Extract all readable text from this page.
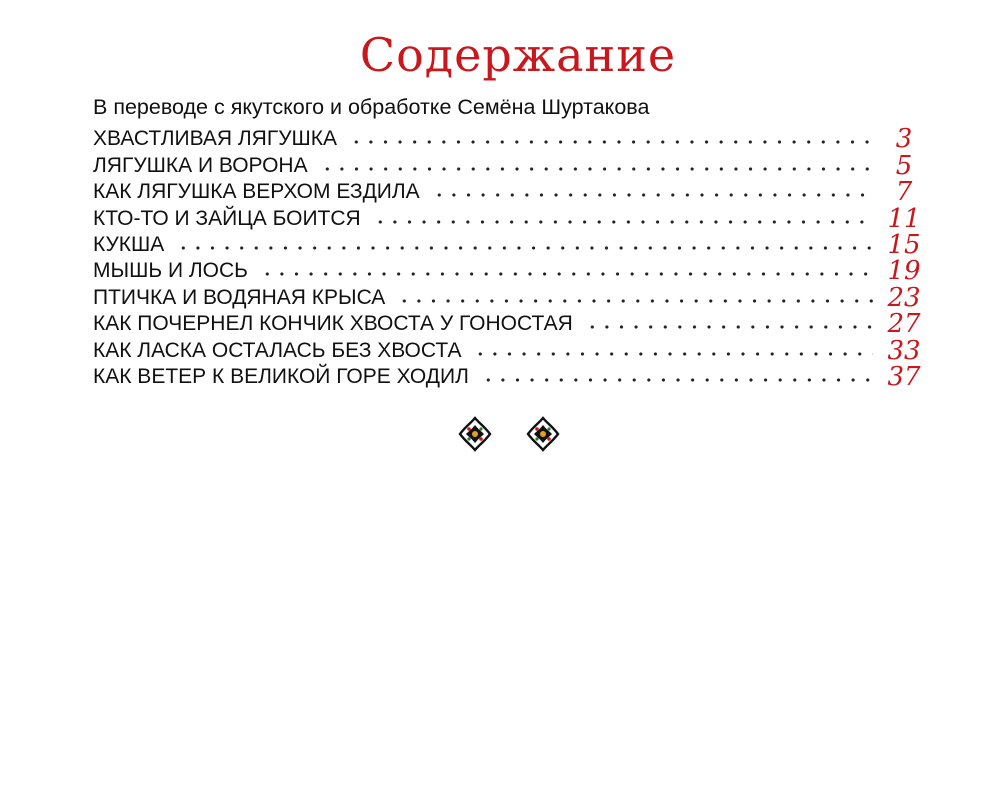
Содержание

В переводе с якутского и обработке Семёна Шуртакова

ХВАСТЛИВАЯ ЛЯГУШКА	3
ЛЯГУШКА И ВОРОНА	5
КАК ЛЯГУШКА ВЕРХОМ ЕЗДИЛА	7
КТО-ТО И ЗАЙЦА БОИТСЯ	11
КУКША	15
МЫШЬ И ЛОСЬ	19
ПТИЧКА И ВОДЯНАЯ КРЫСА	23
КАК ПОЧЕРНЕЛ КОНЧИК ХВОСТА У ГОНОСТАЯ	27
КАК ЛАСКА ОСТАЛАСЬ БЕЗ ХВОСТА	33
КАК ВЕТЕР К ВЕЛИКОЙ ГОРЕ ХОДИЛ	37
